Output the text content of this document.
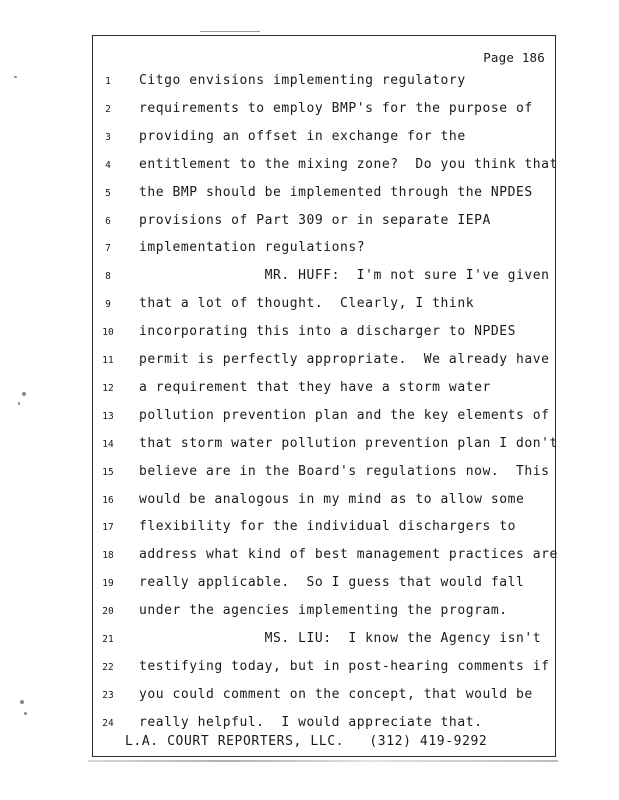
Page 186
1	Citgo envisions implementing regulatory
2	requirements to employ BMP's for the purpose of
3	providing an offset in exchange for the
4	entitlement to the mixing zone?  Do you think that
5	the BMP should be implemented through the NPDES
6	provisions of Part 309 or in separate IEPA
7	implementation regulations?
8	MR. HUFF:  I'm not sure I've given
9	that a lot of thought.  Clearly, I think
10	incorporating this into a discharger to NPDES
11	permit is perfectly appropriate.  We already have
12	a requirement that they have a storm water
13	pollution prevention plan and the key elements of
14	that storm water pollution prevention plan I don't
15	believe are in the Board's regulations now.  This
16	would be analogous in my mind as to allow some
17	flexibility for the individual dischargers to
18	address what kind of best management practices are
19	really applicable.  So I guess that would fall
20	under the agencies implementing the program.
21	MS. LIU:  I know the Agency isn't
22	testifying today, but in post-hearing comments if
23	you could comment on the concept, that would be
24	really helpful.  I would appreciate that.
L.A. COURT REPORTERS, LLC.   (312) 419-9292
